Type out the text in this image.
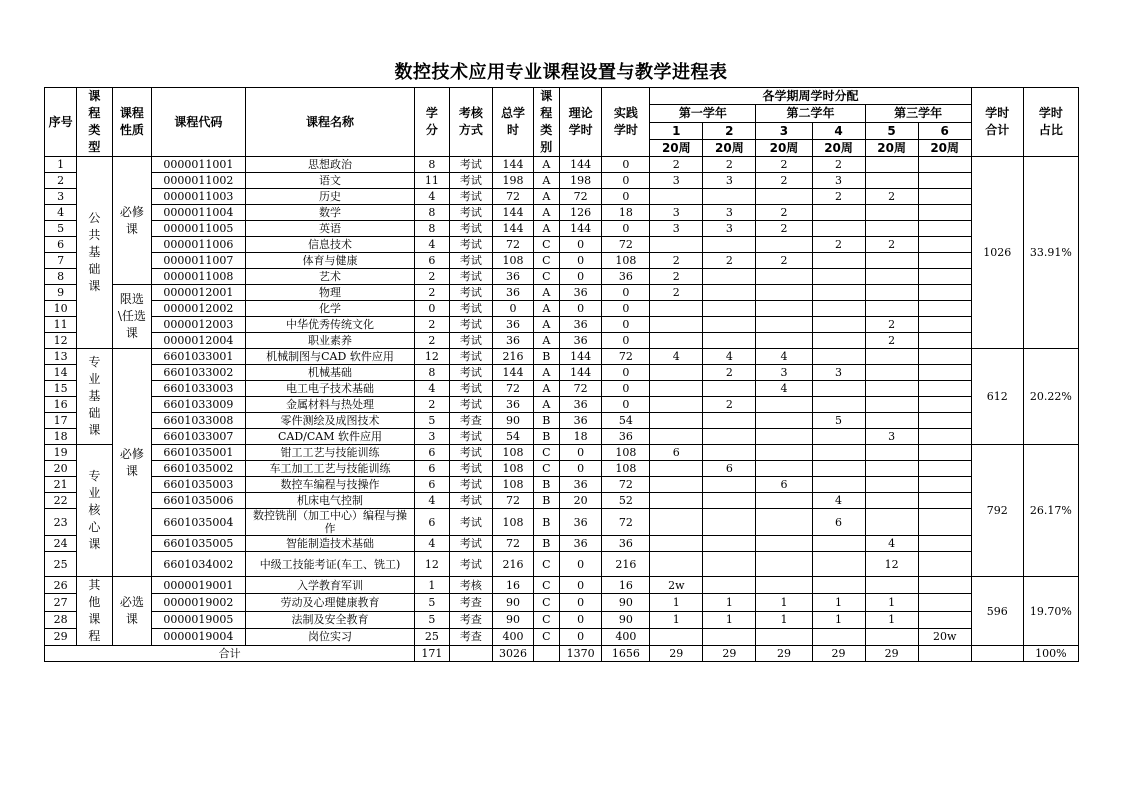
数控技术应用专业课程设置与教学进程表
序号	课程类型	课程性质	课程代码	课程名称	学分	考核方式	总学时	课程类别	理论学时	实践学时	各学期周学时分配						学时合计	学时占比
											第一学年		第二学年		第三学年			
											1	2	3	4	5	6		
											20周	20周	20周	20周	20周	20周		
1	公共基础课	必修课	0000011001	思想政治	8	考试	144	A	144	0	2	2	2	2			1026	33.91%
2			0000011002	语文	11	考试	198	A	198	0	3	3	2	3				
3			0000011003	历史	4	考试	72	A	72	0				2	2			
4			0000011004	数学	8	考试	144	A	126	18	3	3	2					
5			0000011005	英语	8	考试	144	A	144	0	3	3	2					
6			0000011006	信息技术	4	考试	72	C	0	72				2	2			
7			0000011007	体育与健康	6	考试	108	C	0	108	2	2	2					
8			0000011008	艺术	2	考试	36	C	0	36	2							
9		限选\任选课	0000012001	物理	2	考试	36	A	36	0	2							
10			0000012002	化学	0	考试	0	A	0	0								
11			0000012003	中华优秀传统文化	2	考试	36	A	36	0					2			
12			0000012004	职业素养	2	考试	36	A	36	0					2			
13	专业基础课	必修课	6601033001	机械制图与CAD 软件应用	12	考试	216	B	144	72	4	4	4				612	20.22%
14			6601033002	机械基础	8	考试	144	A	144	0		2	3	3				
15			6601033003	电工电子技术基础	4	考试	72	A	72	0			4					
16			6601033009	金属材料与热处理	2	考试	36	A	36	0		2						
17			6601033008	零件测绘及成图技术	5	考查	90	B	36	54				5				
18			6601033007	CAD/CAM 软件应用	3	考试	54	B	18	36					3			
19	专业核心课		6601035001	钳工工艺与技能训练	6	考试	108	C	0	108	6						792	26.17%
20			6601035002	车工加工工艺与技能训练	6	考试	108	C	0	108		6						
21			6601035003	数控车编程与技操作	6	考试	108	B	36	72			6					
22			6601035006	机床电气控制	4	考试	72	B	20	52				4				
23			6601035004	数控铣削（加工中心）编程与操作	6	考试	108	B	36	72				6				
24			6601035005	智能制造技术基础	4	考试	72	B	36	36					4			
25			6601034002	中级工技能考证(车工、铣工)	12	考试	216	C	0	216					12			
26	其他课程	必选课	0000019001	入学教育军训	1	考核	16	C	0	16	2w						596	19.70%
27			0000019002	劳动及心理健康教育	5	考查	90	C	0	90	1	1	1	1	1			
28			0000019005	法制及安全教育	5	考查	90	C	0	90	1	1	1	1	1			
29			0000019004	岗位实习	25	考查	400	C	0	400						20w		
合计					171		3026		1370	1656	29	29	29	29	29			100%
